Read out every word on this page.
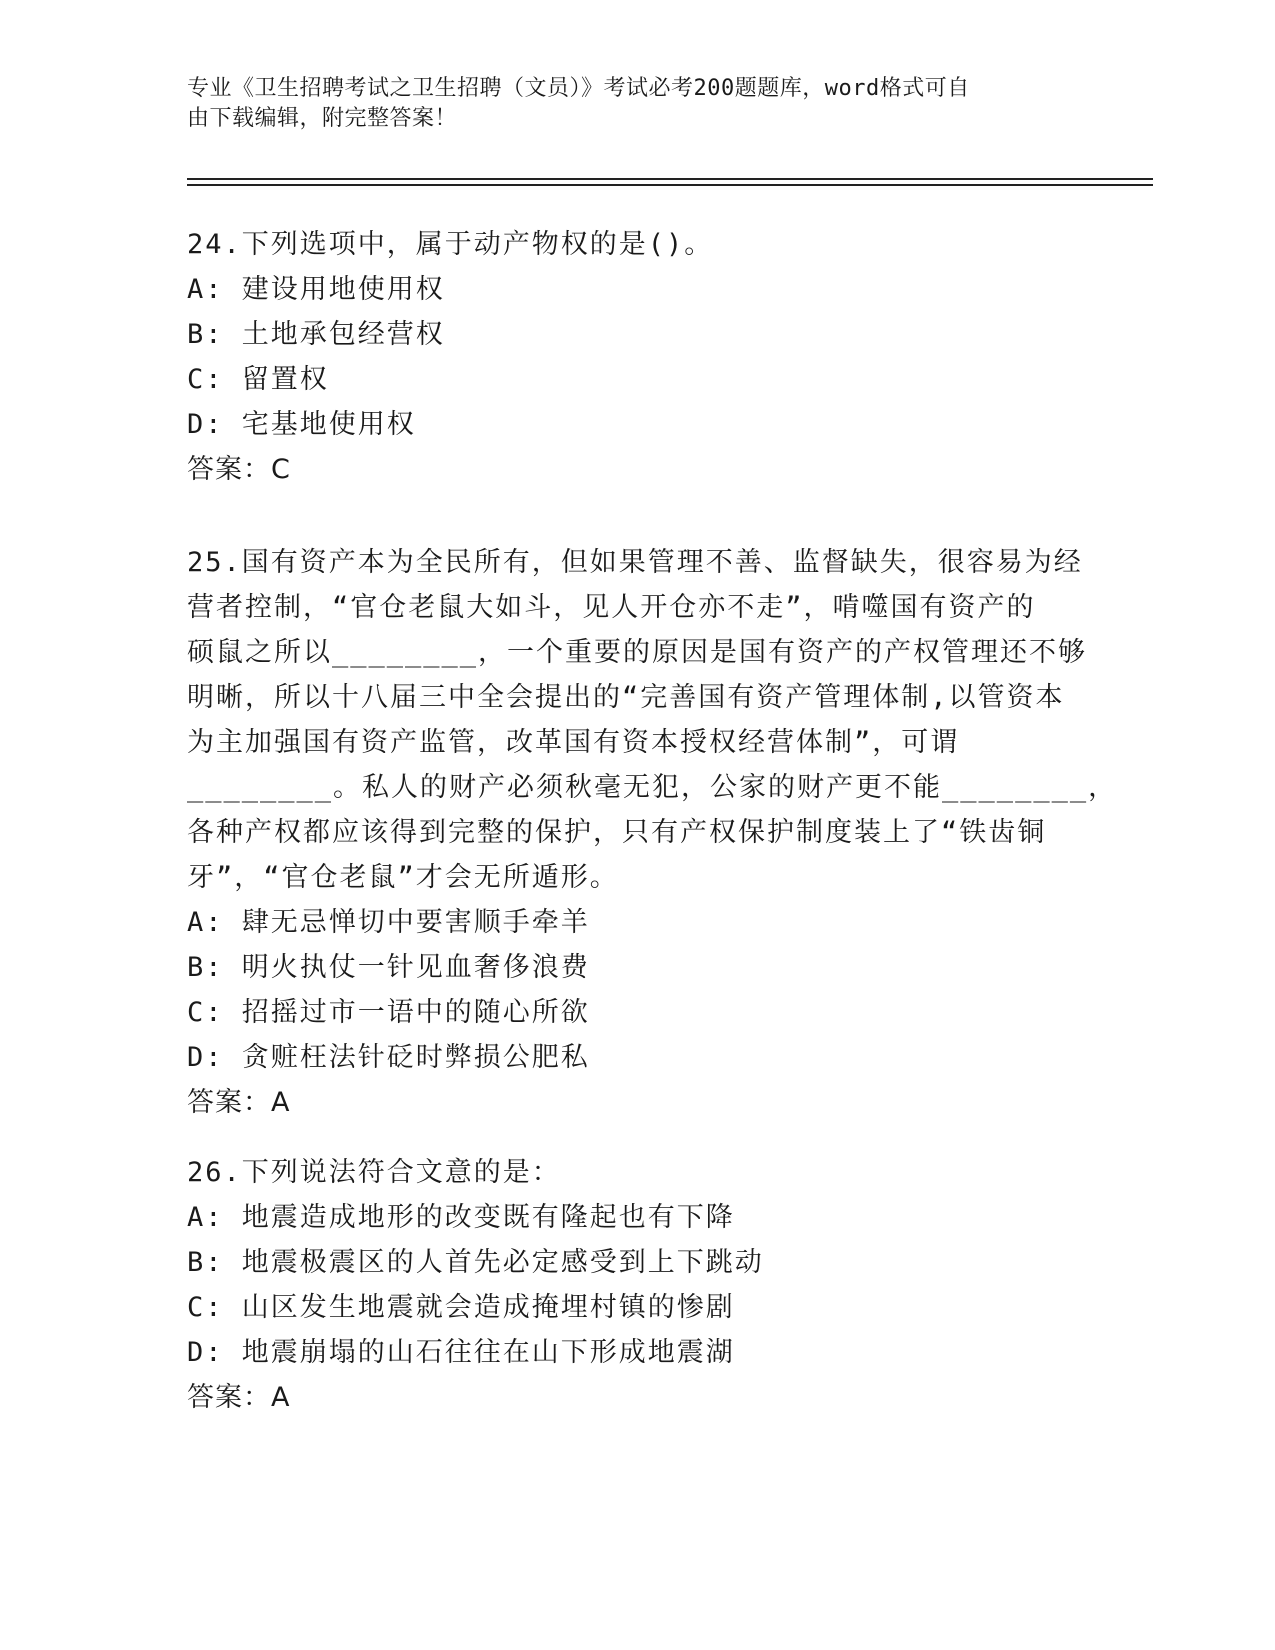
专业《卫生招聘考试之卫生招聘（文员）》考试必考200题题库，word格式可自
由下载编辑，附完整答案！
24.下列选项中，属于动产物权的是()。
A: 建设用地使用权
B: 土地承包经营权
C: 留置权
D: 宅基地使用权
答案：C
25.国有资产本为全民所有，但如果管理不善、监督缺失，很容易为经
营者控制，“官仓老鼠大如斗，见人开仓亦不走”，啃噬国有资产的
硕鼠之所以________，一个重要的原因是国有资产的产权管理还不够
明晰，所以十八届三中全会提出的“完善国有资产管理体制,以管资本
为主加强国有资产监管，改革国有资本授权经营体制”，可谓
________。私人的财产必须秋毫无犯，公家的财产更不能________，
各种产权都应该得到完整的保护，只有产权保护制度装上了“铁齿铜
牙”，“官仓老鼠”才会无所遁形。
A: 肆无忌惮切中要害顺手牵羊
B: 明火执仗一针见血奢侈浪费
C: 招摇过市一语中的随心所欲
D: 贪赃枉法针砭时弊损公肥私
答案：A
26.下列说法符合文意的是：
A: 地震造成地形的改变既有隆起也有下降
B: 地震极震区的人首先必定感受到上下跳动
C: 山区发生地震就会造成掩埋村镇的惨剧
D: 地震崩塌的山石往往在山下形成地震湖
答案：A
